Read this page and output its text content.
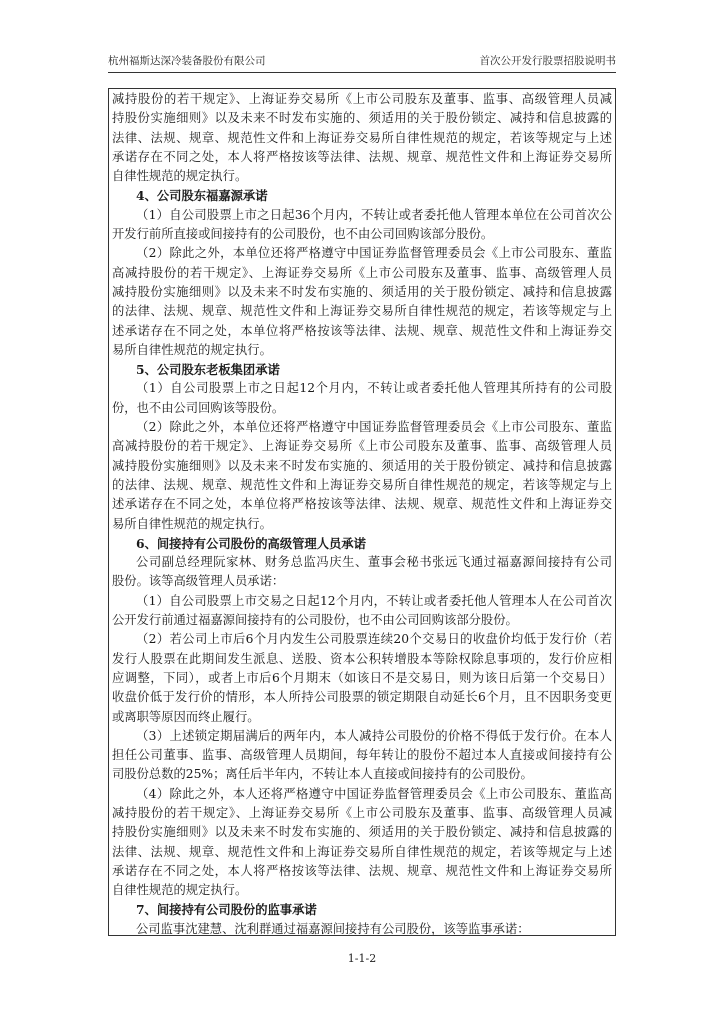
杭州福斯达深冷装备股份有限公司	首次公开发行股票招股说明书
减持股份的若干规定》、上海证券交易所《上市公司股东及董事、监事、高级管理人员减
持股份实施细则》以及未来不时发布实施的、须适用的关于股份锁定、减持和信息披露的
法律、法规、规章、规范性文件和上海证券交易所自律性规范的规定，若该等规定与上述
承诺存在不同之处，本人将严格按该等法律、法规、规章、规范性文件和上海证券交易所
自律性规范的规定执行。
4、公司股东福嘉源承诺
（1）自公司股票上市之日起36个月内，不转让或者委托他人管理本单位在公司首次公
开发行前所直接或间接持有的公司股份，也不由公司回购该部分股份。
（2）除此之外，本单位还将严格遵守中国证券监督管理委员会《上市公司股东、董监
高减持股份的若干规定》、上海证券交易所《上市公司股东及董事、监事、高级管理人员
减持股份实施细则》以及未来不时发布实施的、须适用的关于股份锁定、减持和信息披露
的法律、法规、规章、规范性文件和上海证券交易所自律性规范的规定，若该等规定与上
述承诺存在不同之处，本单位将严格按该等法律、法规、规章、规范性文件和上海证券交
易所自律性规范的规定执行。
5、公司股东老板集团承诺
（1）自公司股票上市之日起12个月内，不转让或者委托他人管理其所持有的公司股
份，也不由公司回购该等股份。
（2）除此之外，本单位还将严格遵守中国证券监督管理委员会《上市公司股东、董监
高减持股份的若干规定》、上海证券交易所《上市公司股东及董事、监事、高级管理人员
减持股份实施细则》以及未来不时发布实施的、须适用的关于股份锁定、减持和信息披露
的法律、法规、规章、规范性文件和上海证券交易所自律性规范的规定，若该等规定与上
述承诺存在不同之处，本单位将严格按该等法律、法规、规章、规范性文件和上海证券交
易所自律性规范的规定执行。
6、间接持有公司股份的高级管理人员承诺
公司副总经理阮家林、财务总监冯庆生、董事会秘书张远飞通过福嘉源间接持有公司
股份。该等高级管理人员承诺：
（1）自公司股票上市交易之日起12个月内，不转让或者委托他人管理本人在公司首次
公开发行前通过福嘉源间接持有的公司股份，也不由公司回购该部分股份。
（2）若公司上市后6个月内发生公司股票连续20个交易日的收盘价均低于发行价（若
发行人股票在此期间发生派息、送股、资本公积转增股本等除权除息事项的，发行价应相
应调整，下同），或者上市后6个月期末（如该日不是交易日，则为该日后第一个交易日）
收盘价低于发行价的情形，本人所持公司股票的锁定期限自动延长6个月，且不因职务变更
或离职等原因而终止履行。
（3）上述锁定期届满后的两年内，本人减持公司股份的价格不得低于发行价。在本人
担任公司董事、监事、高级管理人员期间，每年转让的股份不超过本人直接或间接持有公
司股份总数的25%；离任后半年内，不转让本人直接或间接持有的公司股份。
（4）除此之外，本人还将严格遵守中国证券监督管理委员会《上市公司股东、董监高
减持股份的若干规定》、上海证券交易所《上市公司股东及董事、监事、高级管理人员减
持股份实施细则》以及未来不时发布实施的、须适用的关于股份锁定、减持和信息披露的
法律、法规、规章、规范性文件和上海证券交易所自律性规范的规定，若该等规定与上述
承诺存在不同之处，本人将严格按该等法律、法规、规章、规范性文件和上海证券交易所
自律性规范的规定执行。
7、间接持有公司股份的监事承诺
公司监事沈建慧、沈利群通过福嘉源间接持有公司股份，该等监事承诺：
1-1-2
